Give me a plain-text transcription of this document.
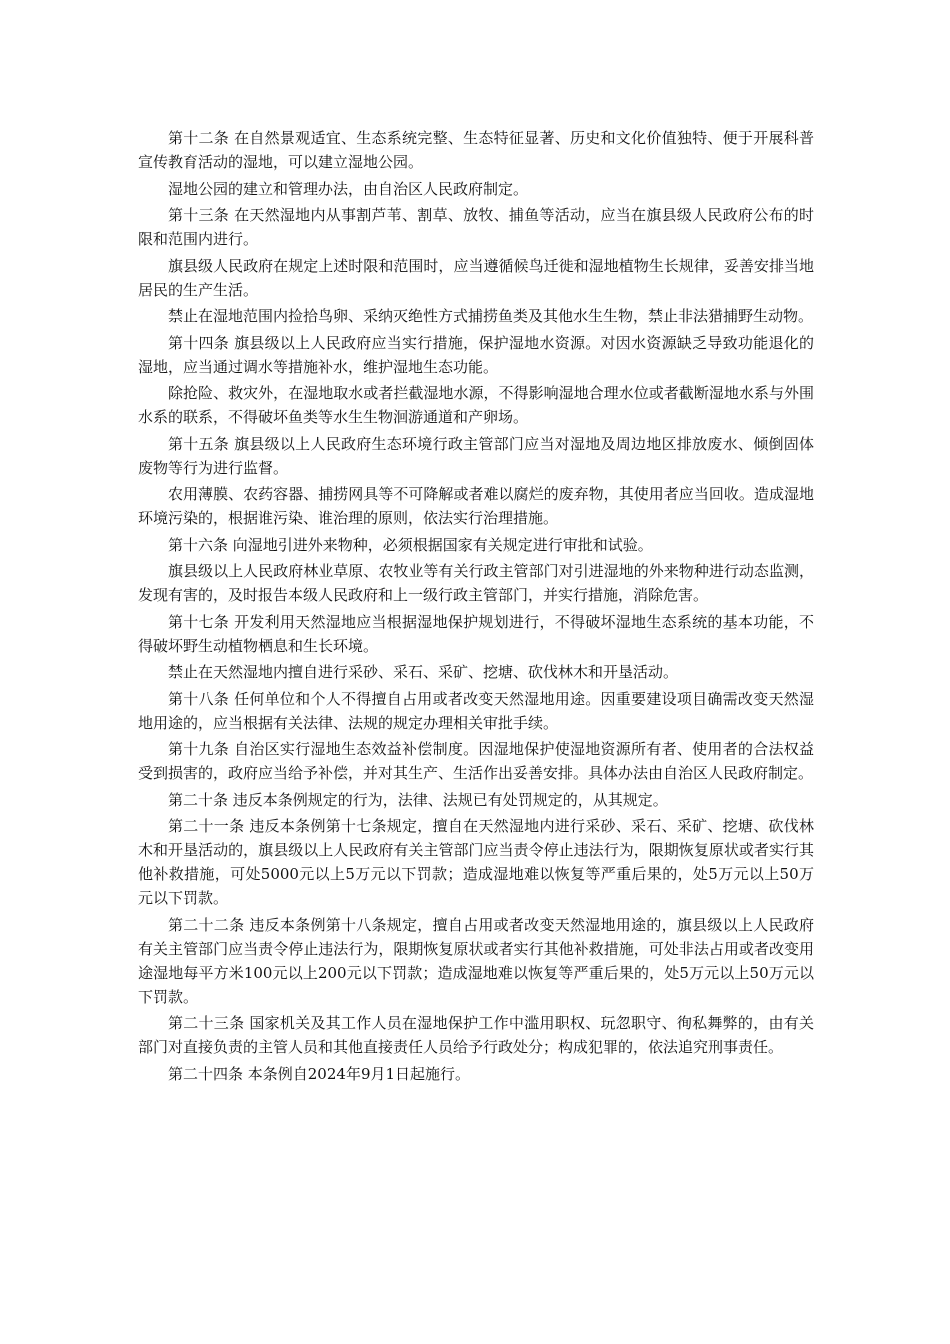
第十二条 在自然景观适宜、生态系统完整、生态特征显著、历史和文化价值独特、便于开展科普宣传教育活动的湿地，可以建立湿地公园。

湿地公园的建立和管理办法，由自治区人民政府制定。

第十三条 在天然湿地内从事割芦苇、割草、放牧、捕鱼等活动，应当在旗县级人民政府公布的时限和范围内进行。

旗县级人民政府在规定上述时限和范围时，应当遵循候鸟迁徙和湿地植物生长规律，妥善安排当地居民的生产生活。

禁止在湿地范围内捡拾鸟卵、采纳灭绝性方式捕捞鱼类及其他水生生物，禁止非法猎捕野生动物。

第十四条 旗县级以上人民政府应当实行措施，保护湿地水资源。对因水资源缺乏导致功能退化的湿地，应当通过调水等措施补水，维护湿地生态功能。

除抢险、救灾外，在湿地取水或者拦截湿地水源，不得影响湿地合理水位或者截断湿地水系与外围水系的联系，不得破坏鱼类等水生生物洄游通道和产卵场。

第十五条 旗县级以上人民政府生态环境行政主管部门应当对湿地及周边地区排放废水、倾倒固体废物等行为进行监督。

农用薄膜、农药容器、捕捞网具等不可降解或者难以腐烂的废弃物，其使用者应当回收。造成湿地环境污染的，根据谁污染、谁治理的原则，依法实行治理措施。

第十六条 向湿地引进外来物种，必须根据国家有关规定进行审批和试验。

旗县级以上人民政府林业草原、农牧业等有关行政主管部门对引进湿地的外来物种进行动态监测，发现有害的，及时报告本级人民政府和上一级行政主管部门，并实行措施，消除危害。

第十七条 开发利用天然湿地应当根据湿地保护规划进行，不得破坏湿地生态系统的基本功能，不得破坏野生动植物栖息和生长环境。

禁止在天然湿地内擅自进行采砂、采石、采矿、挖塘、砍伐林木和开垦活动。

第十八条 任何单位和个人不得擅自占用或者改变天然湿地用途。因重要建设项目确需改变天然湿地用途的，应当根据有关法律、法规的规定办理相关审批手续。

第十九条 自治区实行湿地生态效益补偿制度。因湿地保护使湿地资源所有者、使用者的合法权益受到损害的，政府应当给予补偿，并对其生产、生活作出妥善安排。具体办法由自治区人民政府制定。

第二十条 违反本条例规定的行为，法律、法规已有处罚规定的，从其规定。

第二十一条 违反本条例第十七条规定，擅自在天然湿地内进行采砂、采石、采矿、挖塘、砍伐林木和开垦活动的，旗县级以上人民政府有关主管部门应当责令停止违法行为，限期恢复原状或者实行其他补救措施，可处5000元以上5万元以下罚款；造成湿地难以恢复等严重后果的，处5万元以上50万元以下罚款。

第二十二条 违反本条例第十八条规定，擅自占用或者改变天然湿地用途的，旗县级以上人民政府有关主管部门应当责令停止违法行为，限期恢复原状或者实行其他补救措施，可处非法占用或者改变用途湿地每平方米100元以上200元以下罚款；造成湿地难以恢复等严重后果的，处5万元以上50万元以下罚款。

第二十三条 国家机关及其工作人员在湿地保护工作中滥用职权、玩忽职守、徇私舞弊的，由有关部门对直接负责的主管人员和其他直接责任人员给予行政处分；构成犯罪的，依法追究刑事责任。

第二十四条 本条例自2024年9月1日起施行。
